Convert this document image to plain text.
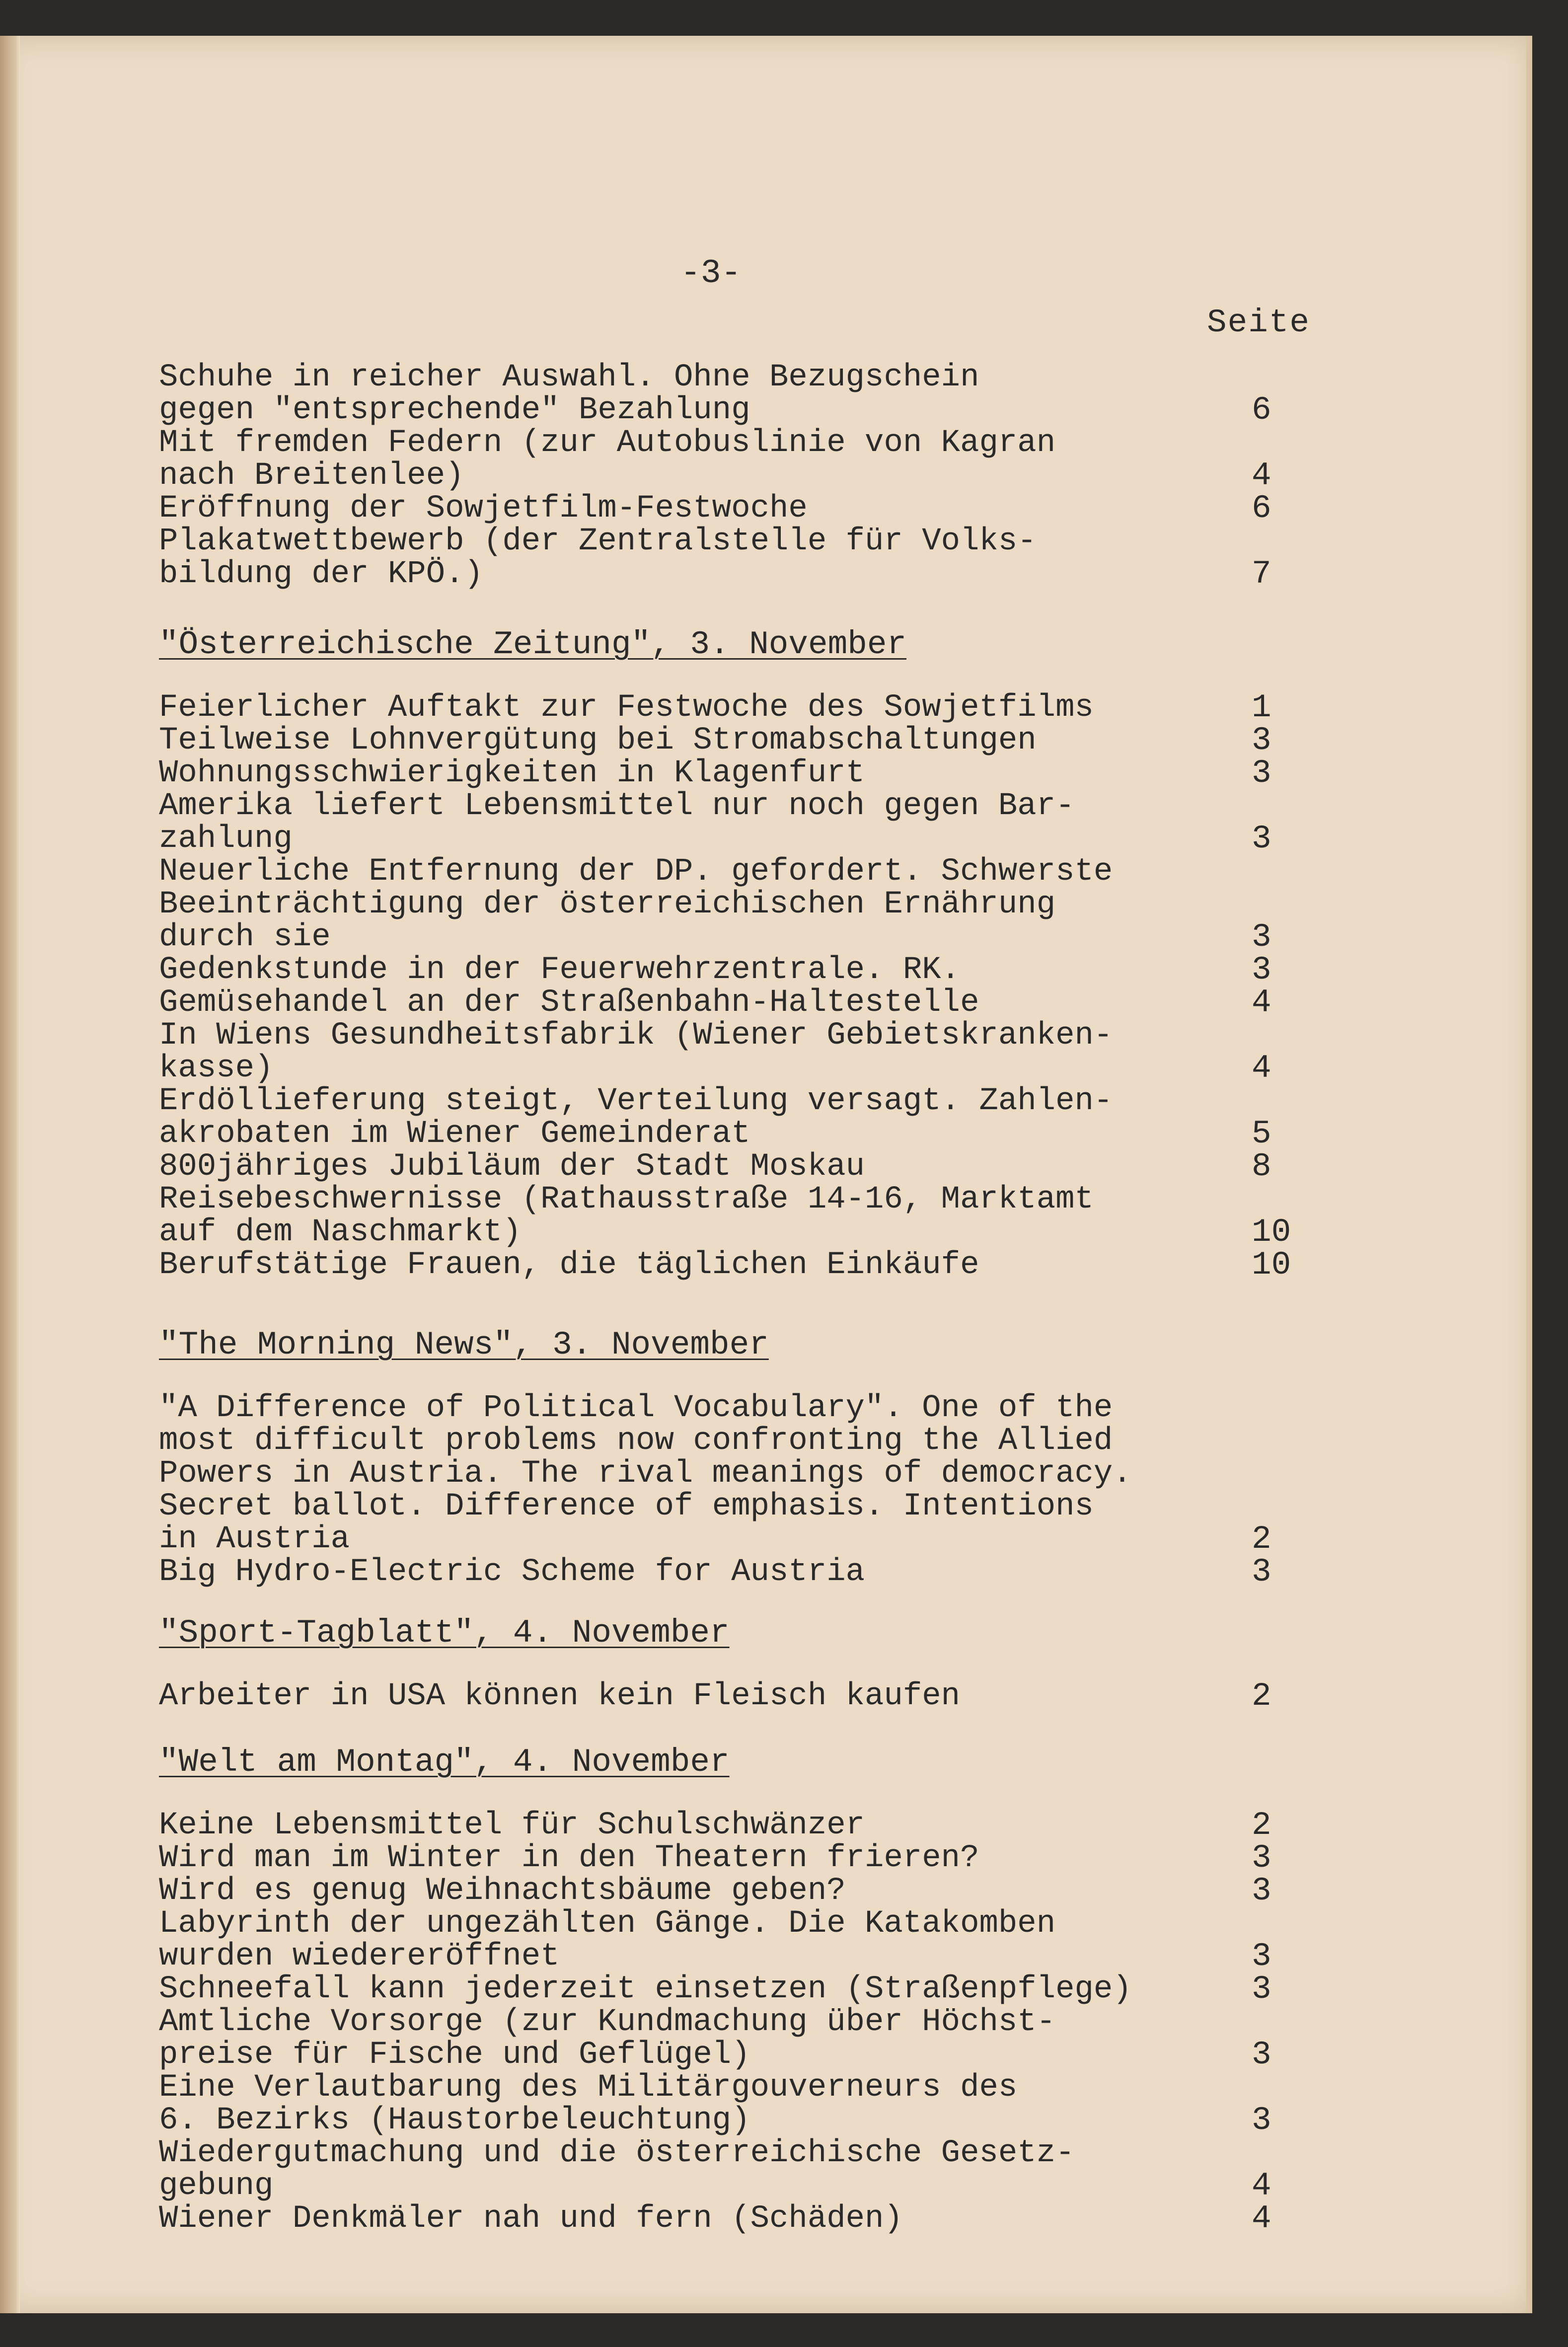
-3-
Seite
Schuhe in reicher Auswahl. Ohne Bezugschein
gegen "entsprechende" Bezahlung	6
Mit fremden Federn (zur Autobuslinie von Kagran
nach Breitenlee)	4
Eröffnung der Sowjetfilm-Festwoche	6
Plakatwettbewerb (der Zentralstelle für Volks-
bildung der KPÖ.)	7
"Österreichische Zeitung", 3. November
Feierlicher Auftakt zur Festwoche des Sowjetfilms	1
Teilweise Lohnvergütung bei Stromabschaltungen	3
Wohnungsschwierigkeiten in Klagenfurt	3
Amerika liefert Lebensmittel nur noch gegen Bar-
zahlung	3
Neuerliche Entfernung der DP. gefordert. Schwerste
Beeinträchtigung der österreichischen Ernährung
durch sie	3
Gedenkstunde in der Feuerwehrzentrale. RK.	3
Gemüsehandel an der Straßenbahn-Haltestelle	4
In Wiens Gesundheitsfabrik (Wiener Gebietskranken-
kasse)	4
Erdöllieferung steigt, Verteilung versagt. Zahlen-
akrobaten im Wiener Gemeinderat	5
800jähriges Jubiläum der Stadt Moskau	8
Reisebeschwernisse (Rathausstraße 14-16, Marktamt
auf dem Naschmarkt)	10
Berufstätige Frauen, die täglichen Einkäufe	10
"The Morning News", 3. November
"A Difference of Political Vocabulary". One of the
most difficult problems now confronting the Allied
Powers in Austria. The rival meanings of democracy.
Secret ballot. Difference of emphasis. Intentions
in Austria	2
Big Hydro-Electric Scheme for Austria	3
"Sport-Tagblatt", 4. November
Arbeiter in USA können kein Fleisch kaufen	2
"Welt am Montag", 4. November
Keine Lebensmittel für Schulschwänzer	2
Wird man im Winter in den Theatern frieren?	3
Wird es genug Weihnachtsbäume geben?	3
Labyrinth der ungezählten Gänge. Die Katakomben
wurden wiedereröffnet	3
Schneefall kann jederzeit einsetzen (Straßenpflege)	3
Amtliche Vorsorge (zur Kundmachung über Höchst-
preise für Fische und Geflügel)	3
Eine Verlautbarung des Militärgouverneurs des
6. Bezirks (Haustorbeleuchtung)	3
Wiedergutmachung und die österreichische Gesetz-
gebung	4
Wiener Denkmäler nah und fern (Schäden)	4
